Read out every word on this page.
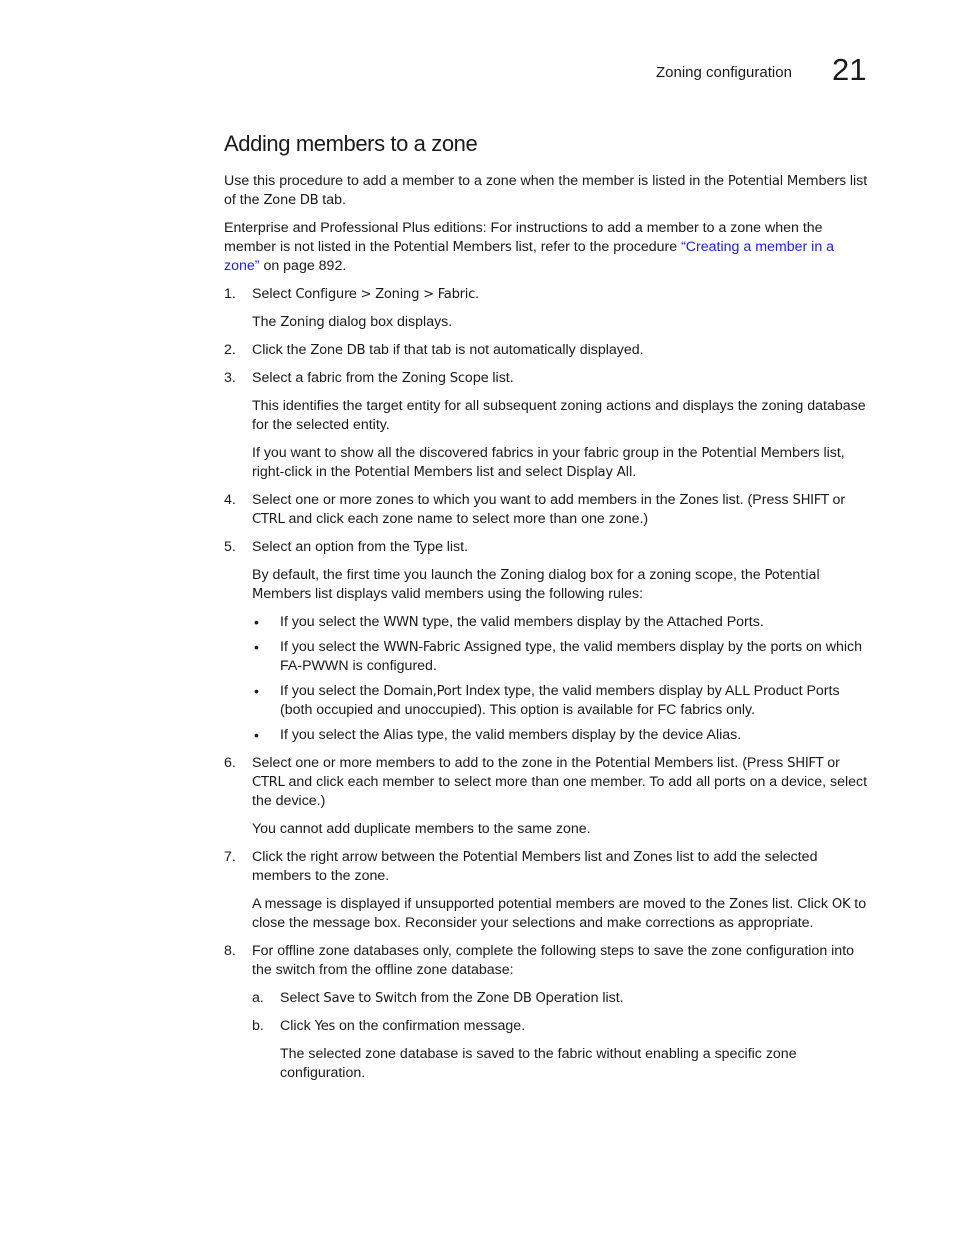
Zoning configuration 21
Adding members to a zone

Use this procedure to add a member to a zone when the member is listed in the Potential Members list of the Zone DB tab.

Enterprise and Professional Plus editions: For instructions to add a member to a zone when the member is not listed in the Potential Members list, refer to the procedure “Creating a member in a zone” on page 892.

1. Select Configure > Zoning > Fabric.

The Zoning dialog box displays.

2. Click the Zone DB tab if that tab is not automatically displayed.

3. Select a fabric from the Zoning Scope list.

This identifies the target entity for all subsequent zoning actions and displays the zoning database for the selected entity.

If you want to show all the discovered fabrics in your fabric group in the Potential Members list, right-click in the Potential Members list and select Display All.

4. Select one or more zones to which you want to add members in the Zones list. (Press SHIFT or CTRL and click each zone name to select more than one zone.)

5. Select an option from the Type list.

By default, the first time you launch the Zoning dialog box for a zoning scope, the Potential Members list displays valid members using the following rules:

• If you select the WWN type, the valid members display by the Attached Ports.
• If you select the WWN-Fabric Assigned type, the valid members display by the ports on which FA-PWWN is configured.
• If you select the Domain,Port Index type, the valid members display by ALL Product Ports (both occupied and unoccupied). This option is available for FC fabrics only.
• If you select the Alias type, the valid members display by the device Alias.
6. Select one or more members to add to the zone in the Potential Members list. (Press SHIFT or CTRL and click each member to select more than one member. To add all ports on a device, select the device.)

You cannot add duplicate members to the same zone.

7. Click the right arrow between the Potential Members list and Zones list to add the selected members to the zone.

A message is displayed if unsupported potential members are moved to the Zones list. Click OK to close the message box. Reconsider your selections and make corrections as appropriate.

8. For offline zone databases only, complete the following steps to save the zone configuration into the switch from the offline zone database:

a. Select Save to Switch from the Zone DB Operation list.

b. Click Yes on the confirmation message.

The selected zone database is saved to the fabric without enabling a specific zone configuration.
